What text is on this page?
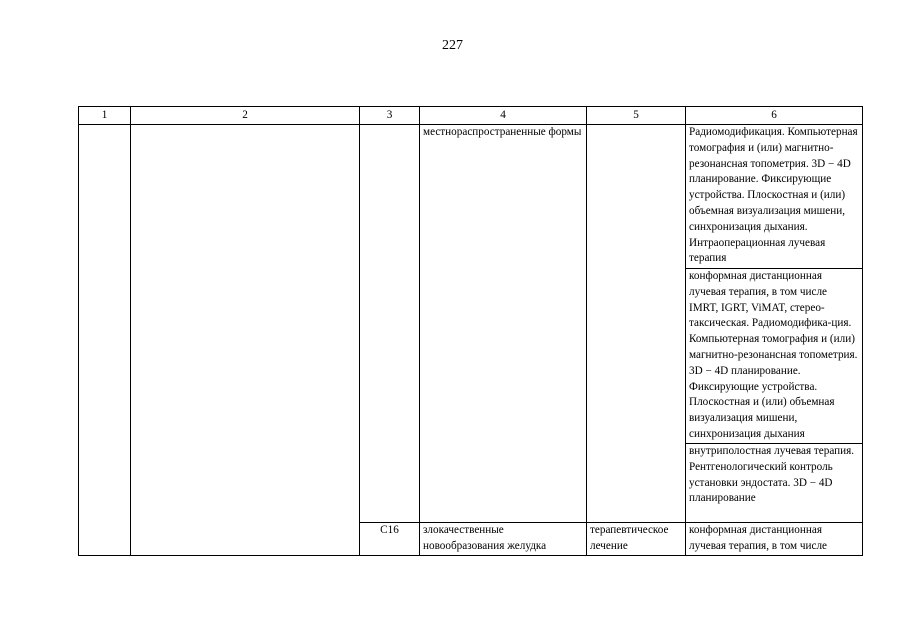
227
1	2	3	4	5	6
			местнораспространенные формы		Радиомодификация. Компьютерная томография и (или) магнитно-резонансная топометрия. 3D − 4D планирование. Фиксирующие устройства. Плоскостная и (или) объемная визуализация мишени, синхронизация дыхания. Интраоперационная лучевая терапия
					конформная дистанционная лучевая терапия, в том числе IMRT, IGRT, ViMAT, стерео-таксическая. Радиомодифика-ция. Компьютерная томография и (или) магнитно-резонансная топометрия. 3D − 4D планирование. Фиксирующие устройства. Плоскостная и (или) объемная визуализация мишени, синхронизация дыхания
					внутриполостная лучевая терапия. Рентгенологический контроль установки эндостата. 3D − 4D планирование
		C16	злокачественные новообразования желудка	терапевтическое лечение	конформная дистанционная лучевая терапия, в том числе
